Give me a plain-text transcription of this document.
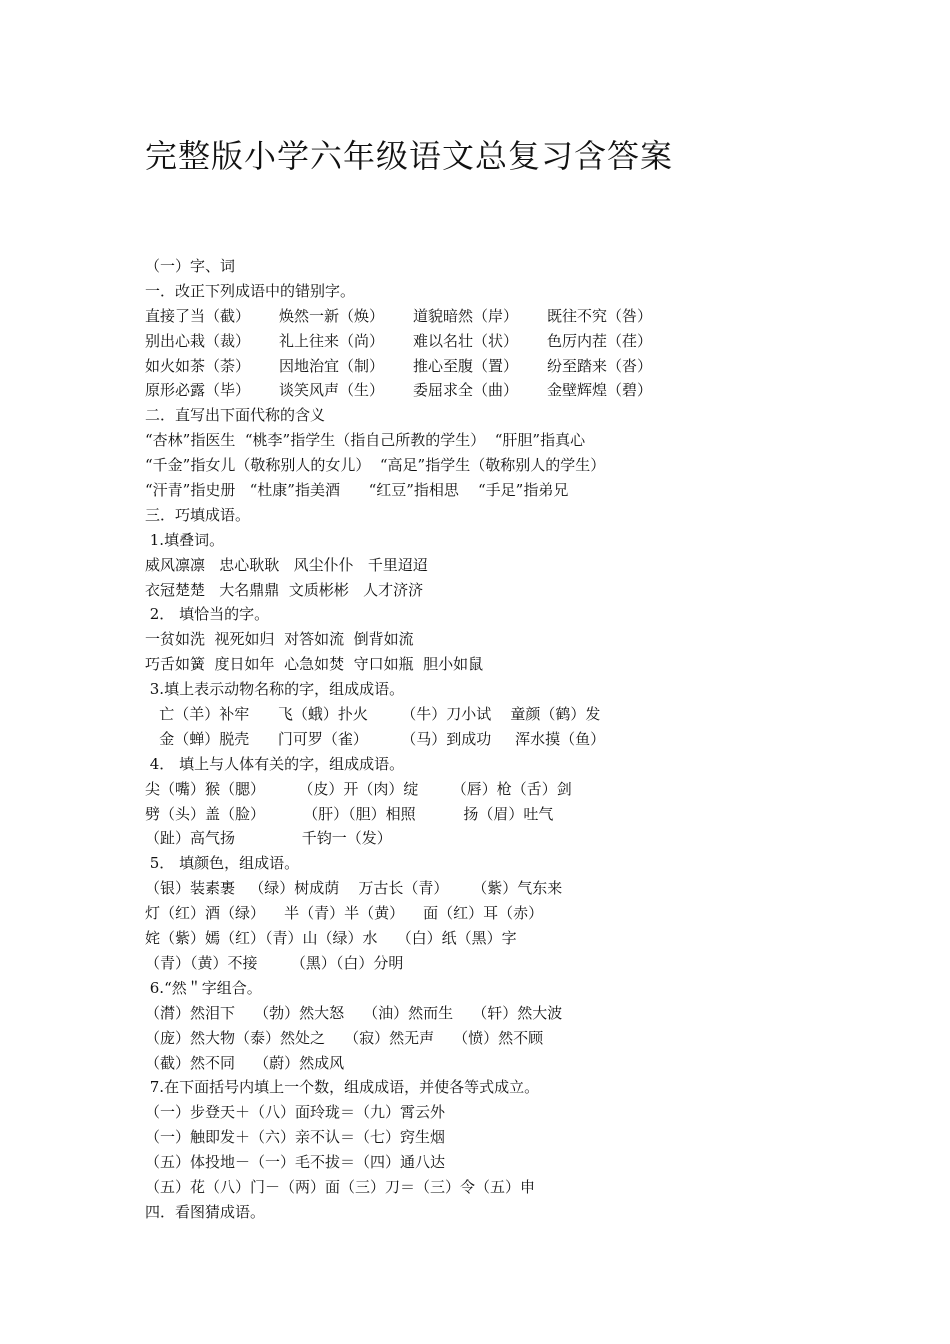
完整版小学六年级语文总复习含答案
（一）字、词
一．改正下列成语中的错别字。
直接了当（截）	焕然一新（焕）	道貌暗然（岸）	既往不究（咎）
别出心栽（裁）	礼上往来（尚）	难以名壮（状）	色厉内茬（荏）
如火如茶（荼）	因地治宜（制）	推心至腹（置）	纷至踏来（沓）
原形必露（毕）	谈笑风声（生）	委屈求全（曲）	金壁辉煌（碧）
二．直写出下面代称的含义
“杏林”指医生  “桃李”指学生（指自己所教的学生）  “肝胆”指真心
“千金”指女儿（敬称别人的女儿）  “高足”指学生（敬称别人的学生）
“汗青”指史册   “杜康”指美酒      “红豆”指相思    “手足”指弟兄
三．巧填成语。
1.填叠词。
威风凛凛   忠心耿耿   风尘仆仆   千里迢迢
衣冠楚楚   大名鼎鼎  文质彬彬   人才济济
2． 填恰当的字。
一贫如洗  视死如归  对答如流  倒背如流
巧舌如簧  度日如年  心急如焚  守口如瓶  胆小如鼠
3.填上表示动物名称的字，组成成语。
亡（羊）补牢      飞（蛾）扑火       （牛）刀小试    童颜（鹤）发
金（蝉）脱壳      门可罗（雀）       （马）到成功     浑水摸（鱼）
4． 填上与人体有关的字，组成成语。
尖（嘴）猴（腮）       （皮）开（肉）绽       （唇）枪（舌）剑
劈（头）盖（脸）        （肝）（胆）相照          扬（眉）吐气
（趾）高气扬              千钧一（发）
5． 填颜色，组成语。
（银）装素裹   （绿）树成荫    万古长（青）     （紫）气东来
灯（红）酒（绿）    半（青）半（黄）    面（红）耳（赤）
姹（紫）嫣（红）（青）山（绿）水    （白）纸（黑）字
（青）（黄）不接       （黑）（白）分明
6.“然＂字组合。
（潸）然泪下    （勃）然大怒    （油）然而生    （轩）然大波
（庞）然大物（泰）然处之    （寂）然无声    （愤）然不顾
（截）然不同    （蔚）然成风
7.在下面括号内填上一个数，组成成语，并使各等式成立。
（一）步登天＋（八）面玲珑＝（九）霄云外
（一）触即发＋（六）亲不认＝（七）窍生烟
（五）体投地－（一）毛不拔＝（四）通八达
（五）花（八）门－（两）面（三）刀＝（三）令（五）申
四．看图猜成语。
